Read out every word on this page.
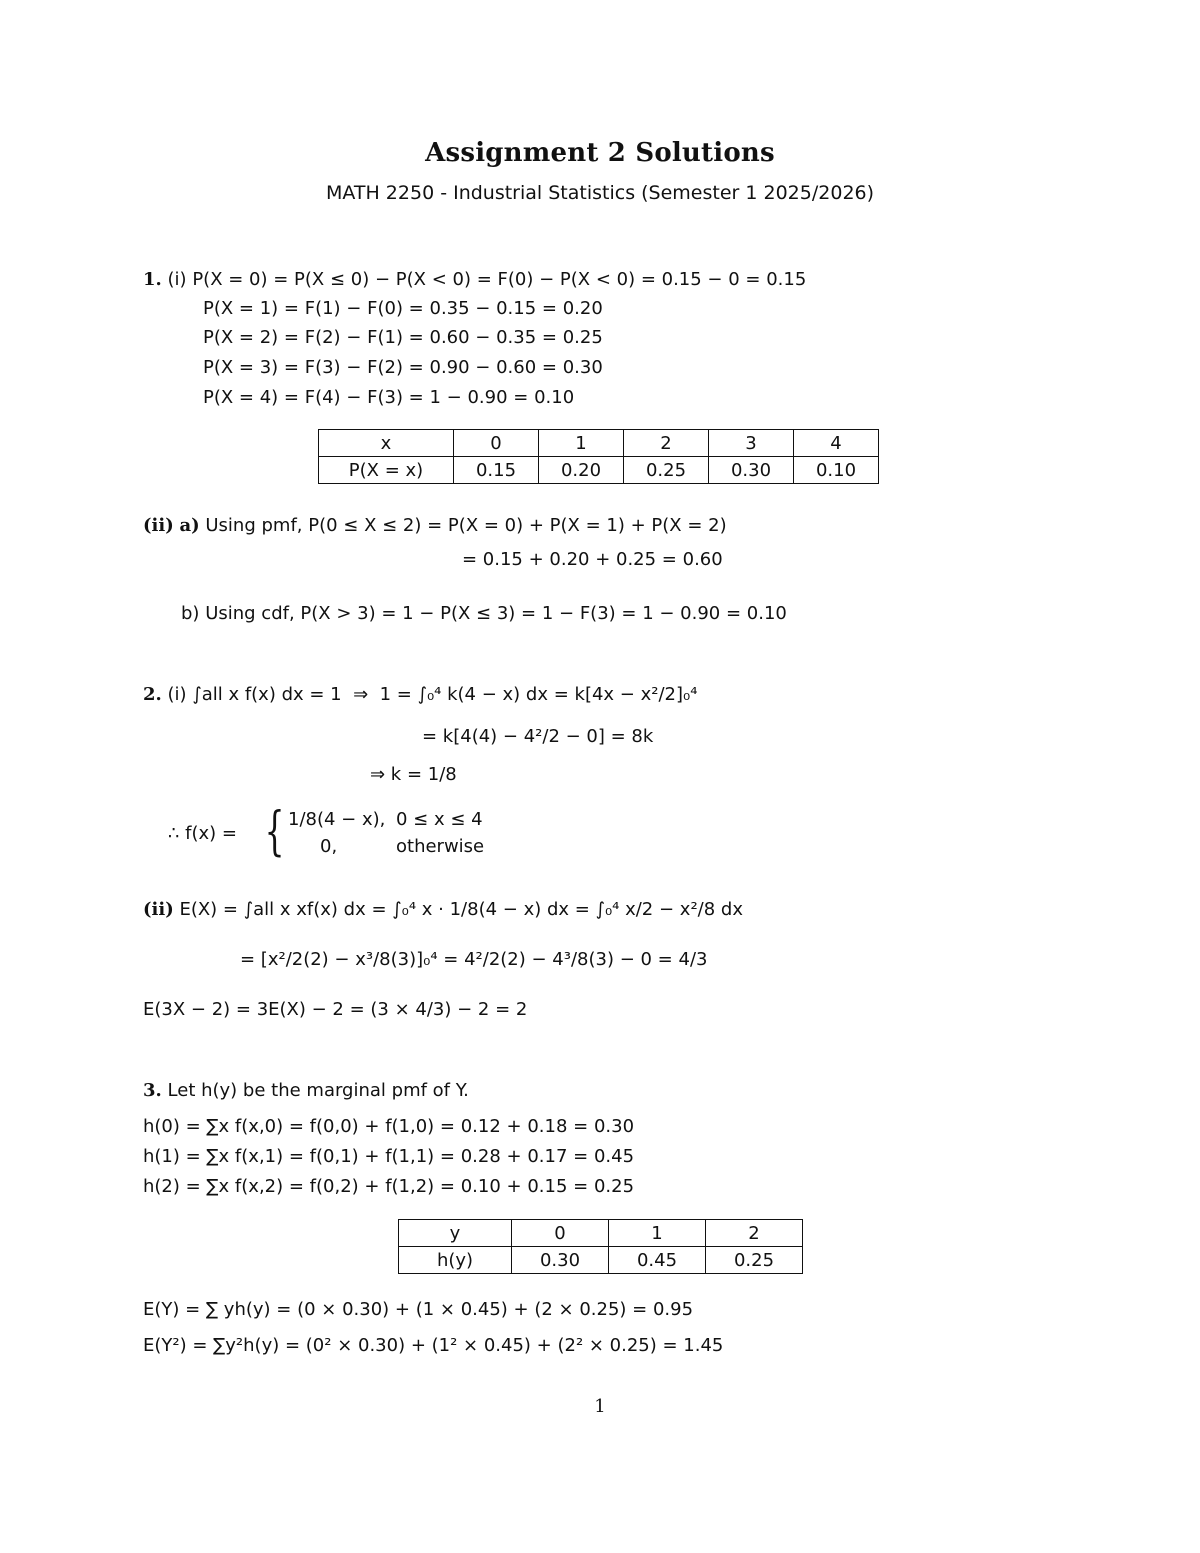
Assignment 2 Solutions
MATH 2250 - Industrial Statistics (Semester 1 2025/2026)
1. (i) P(X = 0) = P(X ≤ 0) − P(X < 0) = F(0) − P(X < 0) = 0.15 − 0 = 0.15
P(X = 1) = F(1) − F(0) = 0.35 − 0.15 = 0.20
P(X = 2) = F(2) − F(1) = 0.60 − 0.35 = 0.25
P(X = 3) = F(3) − F(2) = 0.90 − 0.60 = 0.30
P(X = 4) = F(4) − F(3) = 1 − 0.90 = 0.10
x	0	1	2	3	4
P(X = x)	0.15	0.20	0.25	0.30	0.10
(ii) a) Using pmf, P(0 ≤ X ≤ 2) = P(X = 0) + P(X = 1) + P(X = 2)
= 0.15 + 0.20 + 0.25 = 0.60
b) Using cdf, P(X > 3) = 1 − P(X ≤ 3) = 1 − F(3) = 1 − 0.90 = 0.10
2. (i) ∫all x f(x) dx = 1  ⇒  1 = ∫₀⁴ k(4 − x) dx = k[4x − x²/2]₀⁴
= k[4(4) − 4²/2 − 0] = 8k
⇒ k = 1/8
∴ f(x) = { 1/8(4 − x), 0 ≤ x ≤ 4
0,	otherwise
(ii) E(X) = ∫all x xf(x) dx = ∫₀⁴ x · 1/8(4 − x) dx = ∫₀⁴ x/2 − x²/8 dx
= [x²/2(2) − x³/8(3)]₀⁴ = 4²/2(2) − 4³/8(3) − 0 = 4/3
E(3X − 2) = 3E(X) − 2 = (3 × 4/3) − 2 = 2
3. Let h(y) be the marginal pmf of Y.
h(0) = ∑x f(x,0) = f(0,0) + f(1,0) = 0.12 + 0.18 = 0.30
h(1) = ∑x f(x,1) = f(0,1) + f(1,1) = 0.28 + 0.17 = 0.45
h(2) = ∑x f(x,2) = f(0,2) + f(1,2) = 0.10 + 0.15 = 0.25
y	0	1	2
h(y)	0.30	0.45	0.25
E(Y) = ∑ yh(y) = (0 × 0.30) + (1 × 0.45) + (2 × 0.25) = 0.95
E(Y²) = ∑y²h(y) = (0² × 0.30) + (1² × 0.45) + (2² × 0.25) = 1.45
1
